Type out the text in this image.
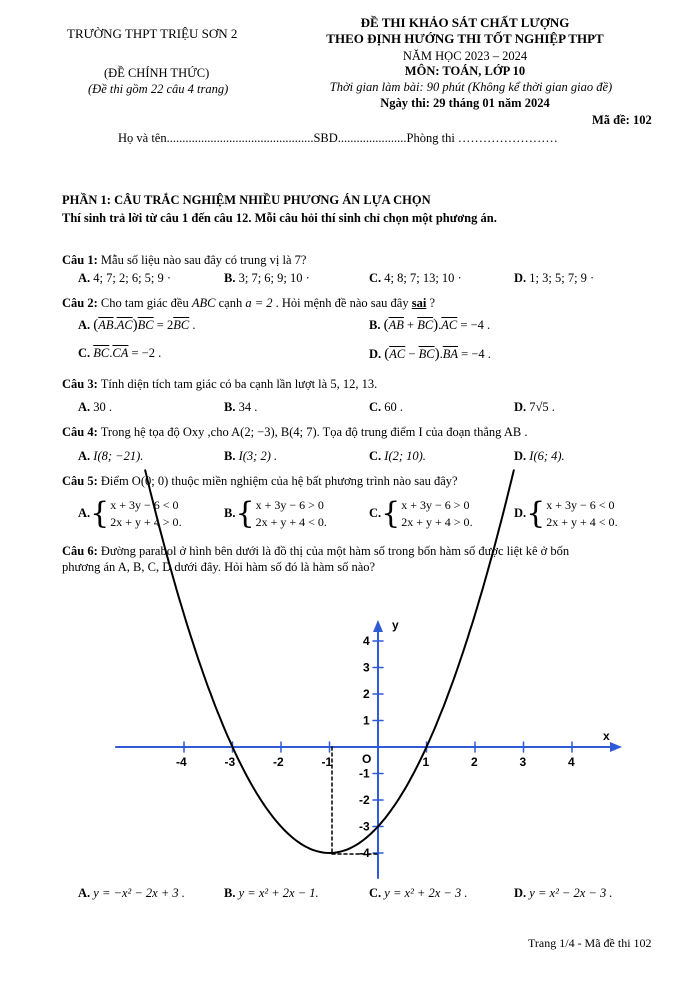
TRƯỜNG THPT TRIỆU SƠN 2
(ĐỀ CHÍNH THỨC)
(Đề thi gồm 22 câu 4 trang)
ĐỀ THI KHẢO SÁT CHẤT LƯỢNG
THEO ĐỊNH HƯỚNG THI TỐT NGHIỆP THPT
NĂM HỌC 2023 – 2024
MÔN: TOÁN, LỚP 10
Thời gian làm bài: 90 phút (Không kể thời gian giao đề)
Ngày thi: 29 tháng 01 năm 2024
Mã đề: 102
Họ và tên...............................................SBD......................Phòng thi ……………………
PHẦN 1: CÂU TRẮC NGHIỆM NHIỀU PHƯƠNG ÁN LỰA CHỌN
Thí sinh trả lời từ câu 1 đến câu 12. Mỗi câu hỏi thí sinh chỉ chọn một phương án.
Câu 1: Mẫu số liệu nào sau đây có trung vị là 7?
A. 4; 7; 2; 6; 5; 9 ·	B. 3; 7; 6; 9; 10 ·	C. 4; 8; 7; 13; 10 ·	D. 1; 3; 5; 7; 9 ·
Câu 2: Cho tam giác đều ABC cạnh a = 2 . Hỏi mệnh đề nào sau đây sai ?
A. $(\overline{AB}.\overline{AC})\overline{BC} = 2\overline{BC}$ .	B. $(\overline{AB} + \overline{BC}).\overline{AC} = -4$ .
C. $\overline{BC}.\overline{CA} = -2$ .	D. $(\overline{AC} - \overline{BC}).\overline{BA} = -4$ .
Câu 3: Tính diện tích tam giác có ba cạnh lần lượt là 5, 12, 13.
A. 30 .	B. 34 .	C. 60 .	D. 7√5 .
Câu 4: Trong hệ tọa độ Oxy ,cho A(2; −3), B(4; 7). Tọa độ trung điểm I của đoạn thẳng AB .
A. I(8; −21).	B. I(3; 2) .	C. I(2; 10).	D. I(6; 4).
Câu 5: Điểm O(0; 0) thuộc miền nghiệm của hệ bất phương trình nào sau đây?
A.{x + 3y − 6 < 0
2x + y + 4 > 0.
B.{x + 3y − 6 > 0
2x + y + 4 < 0.
C.{x + 3y − 6 > 0
2x + y + 4 > 0.
D.{x + 3y − 6 < 0
2x + y + 4 < 0.
Câu 6: Đường parabol ở hình bên dưới là đồ thị của một hàm số trong bốn hàm số được liệt kê ở bốn
phương án A, B, C, D dưới đây. Hỏi hàm số đó là hàm số nào?
-4	-3	-2	-1	1	2	3	4
4
3
2
1
-1
-2
-3
-4
x
y
O
A. y = −x² − 2x + 3 .	B. y = x² + 2x − 1.	C. y = x² + 2x − 3 .	D. y = x² − 2x − 3 .
Trang 1/4 - Mã đề thi 102
